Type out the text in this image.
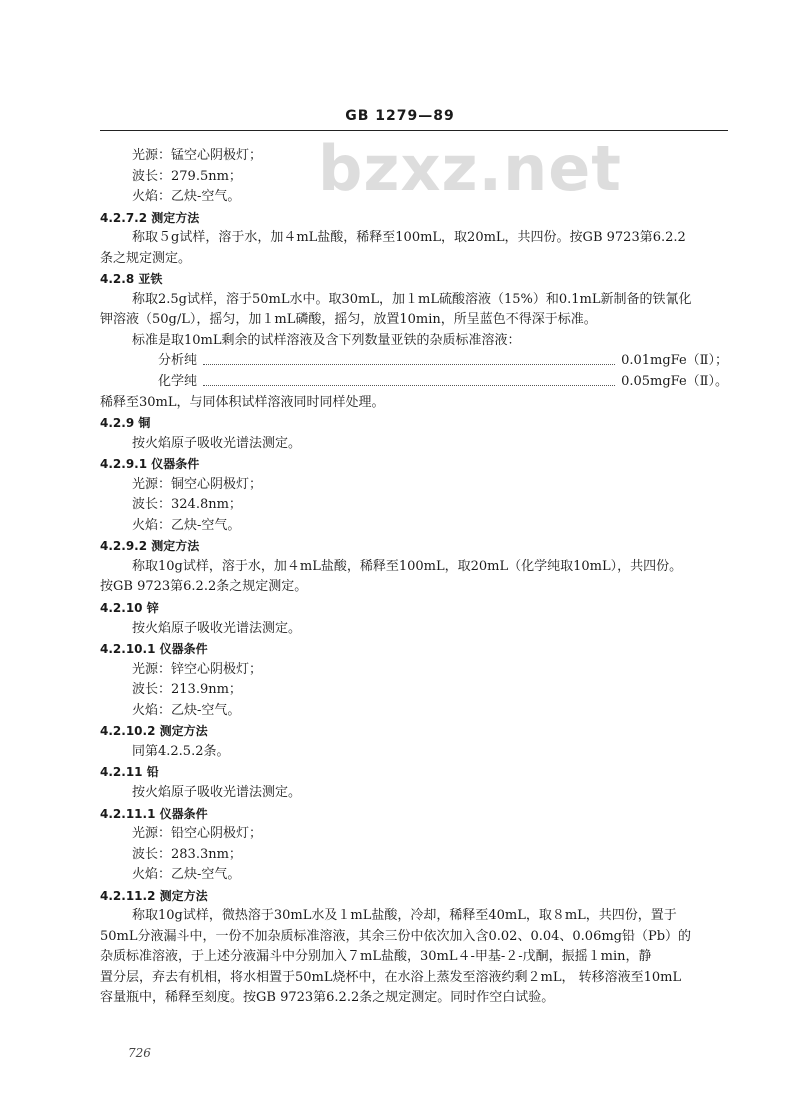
GB 1279—89
bzxz.net
光源：锰空心阴极灯；
波长：279.5nm；
火焰：乙炔-空气。
4.2.7.2 测定方法
称取５g试样，溶于水，加４mL盐酸，稀释至100mL，取20mL，共四份。按GB 9723第6.2.2
条之规定测定。
4.2.8 亚铁
称取2.5g试样，溶于50mL水中。取30mL，加１mL硫酸溶液（15%）和0.1mL新制备的铁氰化
钾溶液（50g/L），摇匀，加１mL磷酸，摇匀，放置10min，所呈蓝色不得深于标准。
标准是取10mL剩余的试样溶液及含下列数量亚铁的杂质标准溶液：
分析纯	0.01mgFe（Ⅱ）；
化学纯	0.05mgFe（Ⅱ）。
稀释至30mL，与同体积试样溶液同时同样处理。
4.2.9 铜
按火焰原子吸收光谱法测定。
4.2.9.1 仪器条件
光源：铜空心阴极灯；
波长：324.8nm；
火焰：乙炔-空气。
4.2.9.2 测定方法
称取10g试样，溶于水，加４mL盐酸，稀释至100mL，取20mL（化学纯取10mL），共四份。
按GB 9723第6.2.2条之规定测定。
4.2.10 锌
按火焰原子吸收光谱法测定。
4.2.10.1 仪器条件
光源：锌空心阴极灯；
波长：213.9nm；
火焰：乙炔-空气。
4.2.10.2 测定方法
同第4.2.5.2条。
4.2.11 铅
按火焰原子吸收光谱法测定。
4.2.11.1 仪器条件
光源：铅空心阴极灯；
波长：283.3nm；
火焰：乙炔-空气。
4.2.11.2 测定方法
称取10g试样，微热溶于30mL水及１mL盐酸，冷却，稀释至40mL，取８mL，共四份，置于
50mL分液漏斗中，一份不加杂质标准溶液，其余三份中依次加入含0.02、0.04、0.06mg铅（Pb）的
杂质标准溶液，于上述分液漏斗中分别加入７mL盐酸，30mL４-甲基-２-戊酮，振摇１min，静
置分层，弃去有机相，将水相置于50mL烧杯中，在水浴上蒸发至溶液约剩２mL， 转移溶液至10mL
容量瓶中，稀释至刻度。按GB 9723第6.2.2条之规定测定。同时作空白试验。
726
